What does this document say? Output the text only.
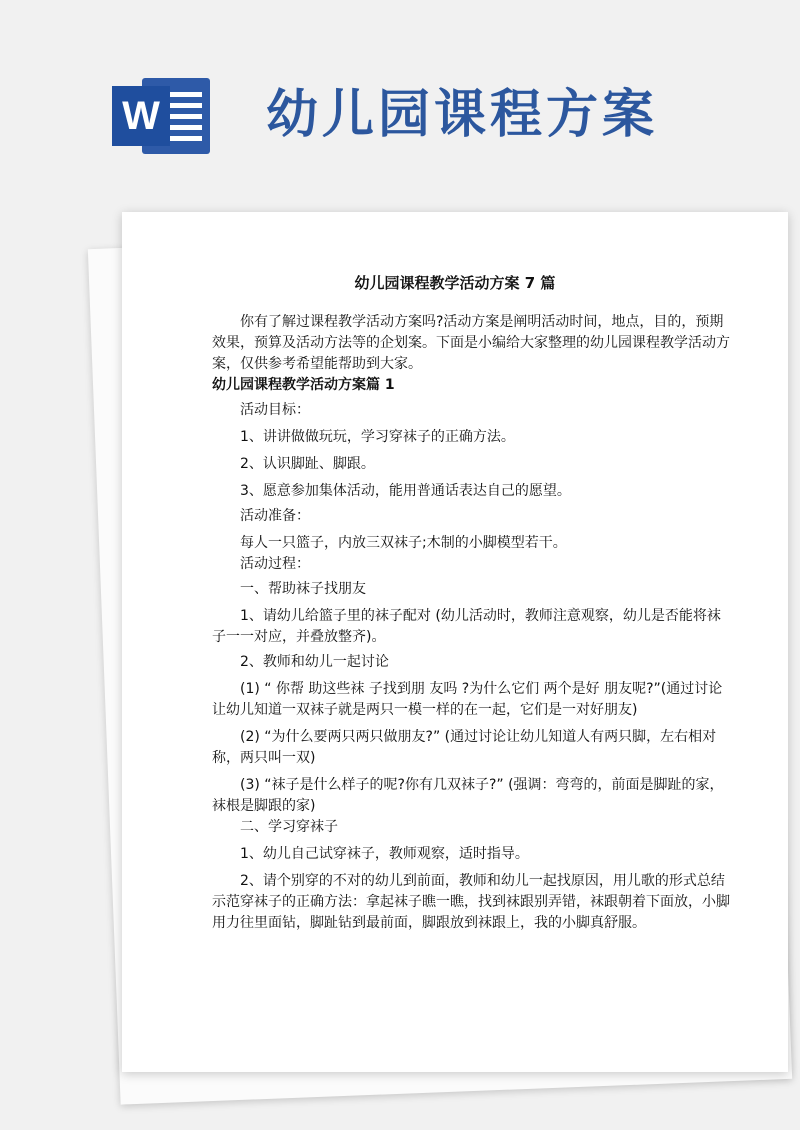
W 幼儿园课程方案
幼儿园课程教学活动方案 7 篇

你有了解过课程教学活动方案吗?活动方案是阐明活动时间，地点，目的，预期效果，预算及活动方法等的企划案。下面是小编给大家整理的幼儿园课程教学活动方案，仅供参考希望能帮助到大家。

幼儿园课程教学活动方案篇 1

活动目标：

1、讲讲做做玩玩，学习穿袜子的正确方法。

2、认识脚趾、脚跟。

3、愿意参加集体活动，能用普通话表达自己的愿望。

活动准备：

每人一只篮子，内放三双袜子;木制的小脚模型若干。

活动过程：

一、帮助袜子找朋友

1、请幼儿给篮子里的袜子配对 (幼儿活动时，教师注意观察，幼儿是否能将袜子一一对应，并叠放整齐)。

2、教师和幼儿一起讨论

(1) “ 你帮 助这些袜 子找到朋 友吗 ?为什么它们 两个是好 朋友呢?”(通过讨论让幼儿知道一双袜子就是两只一模一样的在一起，它们是一对好朋友)

(2) “为什么要两只两只做朋友?” (通过讨论让幼儿知道人有两只脚，左右相对称，两只叫一双)

(3) “袜子是什么样子的呢?你有几双袜子?” (强调：弯弯的，前面是脚趾的家，袜根是脚跟的家)

二、学习穿袜子

1、幼儿自己试穿袜子，教师观察，适时指导。

2、请个别穿的不对的幼儿到前面，教师和幼儿一起找原因，用儿歌的形式总结示范穿袜子的正确方法：拿起袜子瞧一瞧，找到袜跟别弄错，袜跟朝着下面放，小脚用力往里面钻，脚趾钻到最前面，脚跟放到袜跟上，我的小脚真舒服。
